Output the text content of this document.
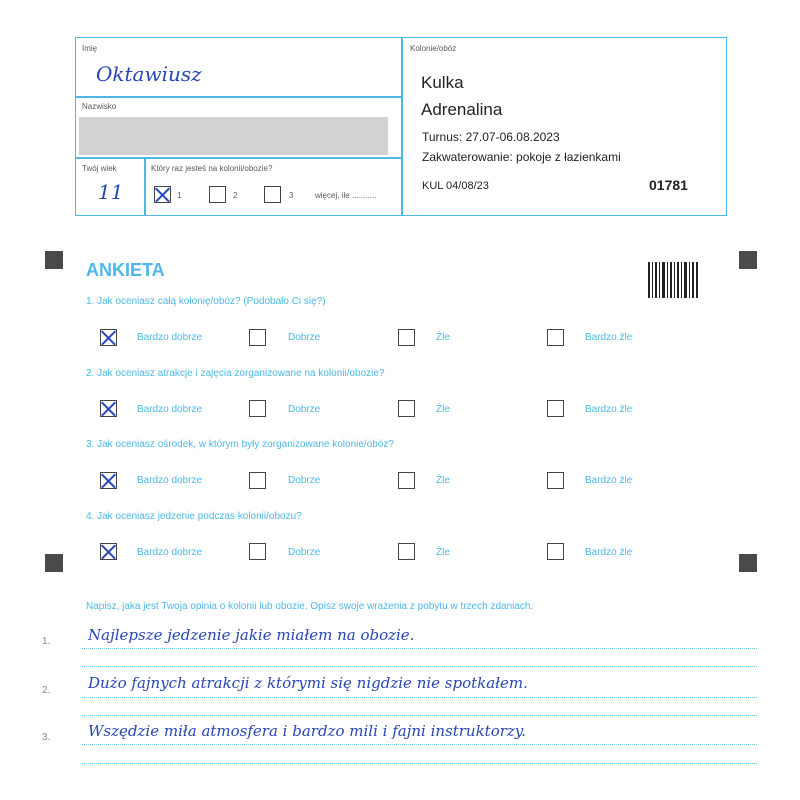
Imię
Oktawiusz
Nazwisko
Twój wiek
11
Który raz jesteś na kolonii/obozie?
1	2	3	więcej, ile ...........
Kolonie/obóz
Kulka
Adrenalina
Turnus: 27.07-06.08.2023
Zakwaterowanie: pokoje z łazienkami
KUL 04/08/23	01781
ANKIETA
1. Jak oceniasz całą kolonię/obóz? (Podobało Ci się?)
2. Jak oceniasz atrakcje i zajęcia zorganizowane na kolonii/obozie?
3. Jak oceniasz ośrodek, w którym były zorganizowane kolonie/obóz?
4. Jak oceniasz jedzenie podczas kolonii/obozu?
Bardzo dobrze	Dobrze	Źle	Bardzo źle
Bardzo dobrze	Dobrze	Źle	Bardzo źle
Bardzo dobrze	Dobrze	Źle	Bardzo źle
Bardzo dobrze	Dobrze	Źle	Bardzo źle
Napisz, jaka jest Twoja opinia o kolonii lub obozie. Opisz swoje wrażenia z pobytu w trzech zdaniach.
1.	Najlepsze jedzenie jakie miałem na obozie.
2.	Dużo fajnych atrakcji z którymi się nigdzie nie spotkałem.
3.	Wszędzie miła atmosfera i bardzo mili i fajni instruktorzy.
